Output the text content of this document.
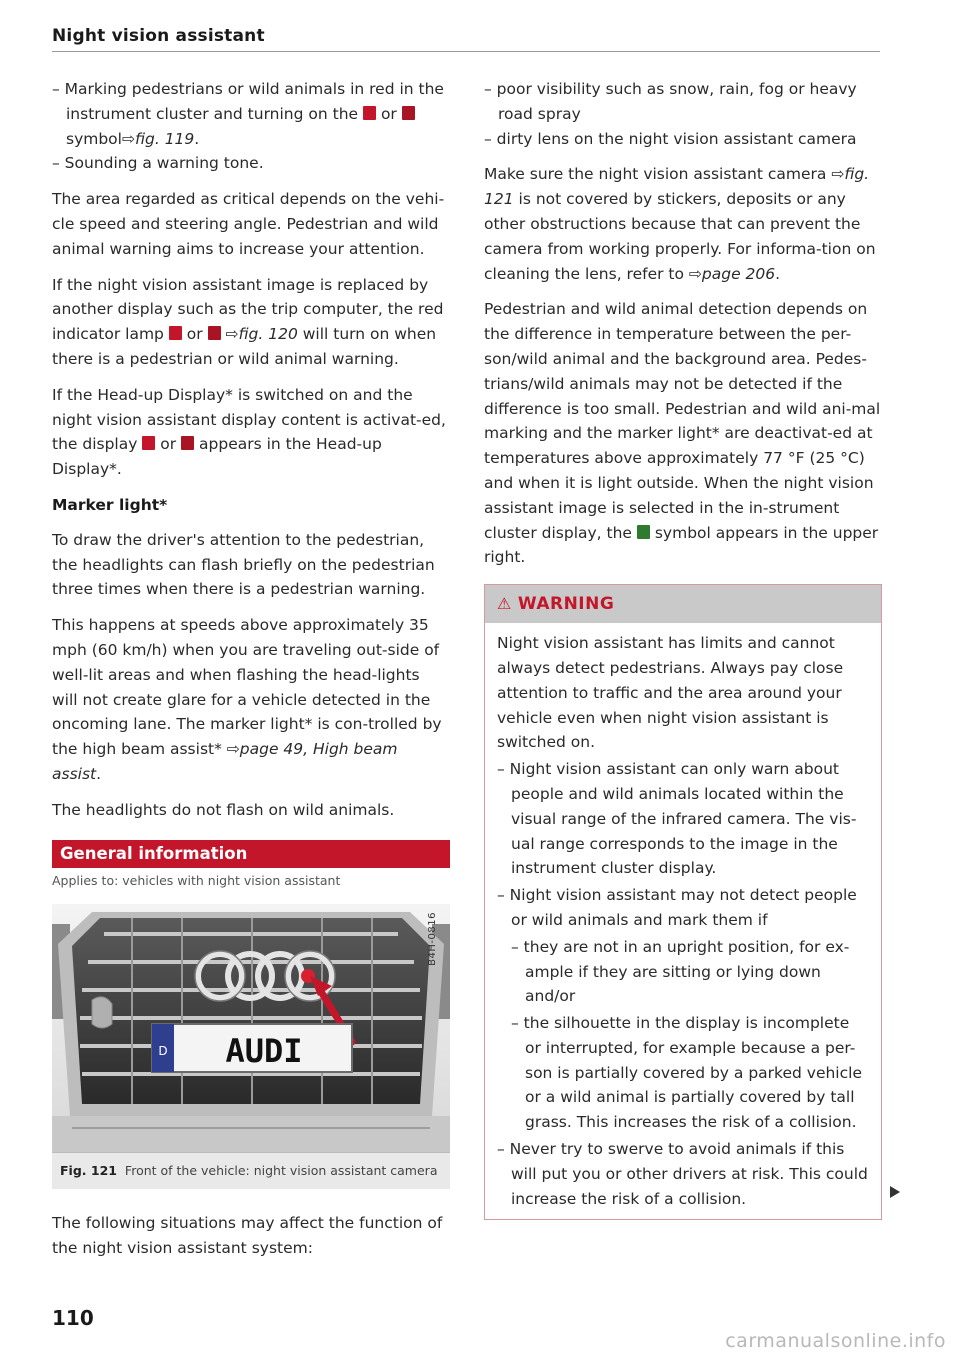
Night vision assistant

– Marking pedestrians or wild animals in red in the instrument cluster and turning on the or  symbol⇨fig. 119.

– Sounding a warning tone.

The area regarded as critical depends on the vehi-cle speed and steering angle. Pedestrian and wild animal warning aims to increase your attention.

If the night vision assistant image is replaced by another display such as the trip computer, the red indicator lamp or ⇨fig. 120 will turn on when there is a pedestrian or wild animal warning.

If the Head-up Display* is switched on and the night vision assistant display content is activat-ed, the display or appears in the Head-up Display*.

Marker light*

To draw the driver's attention to the pedestrian, the headlights can flash briefly on the pedestrian three times when there is a pedestrian warning.

This happens at speeds above approximately 35 mph (60 km/h) when you are traveling out-side of well-lit areas and when flashing the head-lights will not create glare for a vehicle detected in the oncoming lane. The marker light* is con-trolled by the high beam assist* ⇨page 49, High beam assist.

The headlights do not flash on wild animals.

General information

Applies to: vehicles with night vision assistant

D AUDI
B4H-0816
Fig. 121 Front of the vehicle: night vision assistant camera

The following situations may affect the function of the night vision assistant system:

– poor visibility such as snow, rain, fog or heavy road spray

– dirty lens on the night vision assistant camera

Make sure the night vision assistant camera ⇨fig. 121 is not covered by stickers, deposits or any other obstructions because that can prevent the camera from working properly. For informa-tion on cleaning the lens, refer to ⇨page 206.

Pedestrian and wild animal detection depends on the difference in temperature between the per-son/wild animal and the background area. Pedes-trians/wild animals may not be detected if the difference is too small. Pedestrian and wild ani-mal marking and the marker light* are deactivat-ed at temperatures above approximately 77 °F (25 °C) and when it is light outside. When the night vision assistant image is selected in the in-strument cluster display, the symbol appears in the upper right.

⚠ WARNING

Night vision assistant has limits and cannot always detect pedestrians. Always pay close attention to traffic and the area around your vehicle even when night vision assistant is switched on.

– Night vision assistant can only warn about people and wild animals located within the visual range of the infrared camera. The vis-ual range corresponds to the image in the instrument cluster display.

– Night vision assistant may not detect people or wild animals and mark them if

– they are not in an upright position, for ex-ample if they are sitting or lying down and/or

– the silhouette in the display is incomplete or interrupted, for example because a per-son is partially covered by a parked vehicle or a wild animal is partially covered by tall grass. This increases the risk of a collision.

– Never try to swerve to avoid animals if this will put you or other drivers at risk. This could increase the risk of a collision.

110
carmanualsonline.info
